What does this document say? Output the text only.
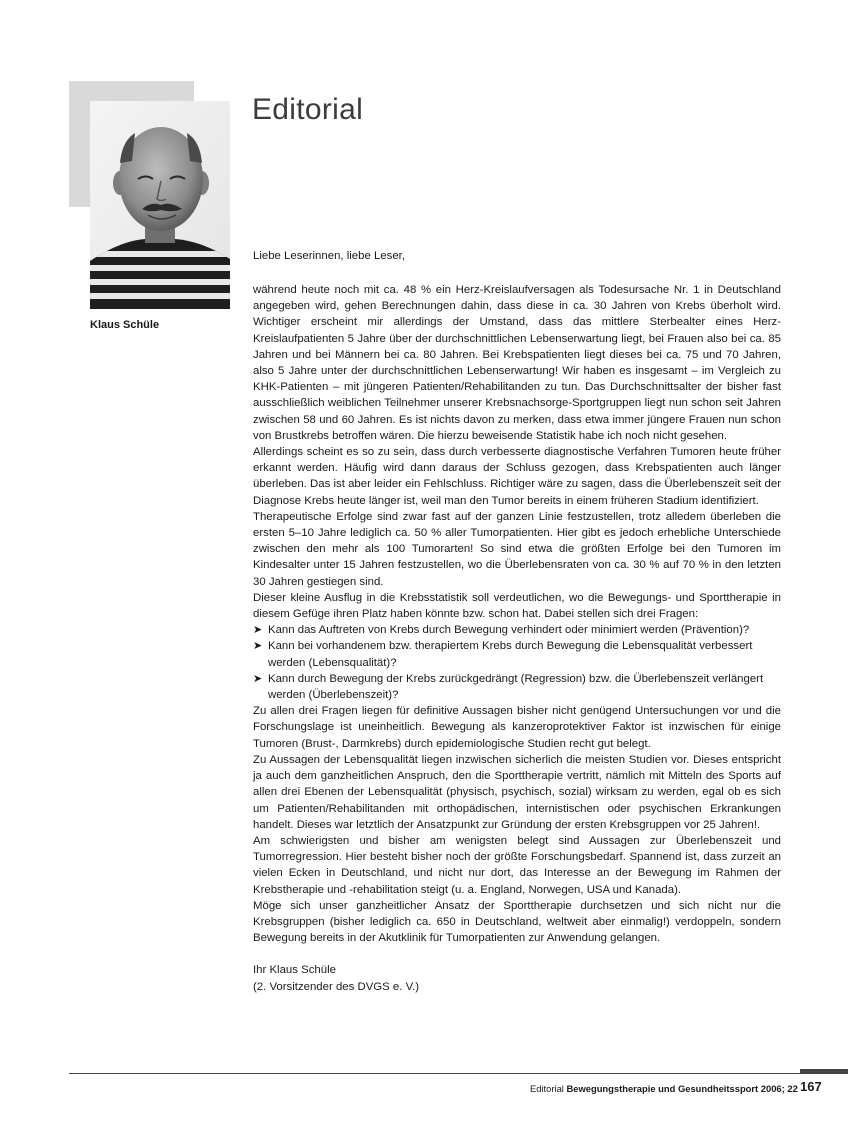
Klaus Schüle
Editorial

Liebe Leserinnen, liebe Leser,

während heute noch mit ca. 48 % ein Herz-Kreislaufversagen als Todesursache Nr. 1 in Deutschland angegeben wird, gehen Berechnungen dahin, dass diese in ca. 30 Jahren von Krebs überholt wird. Wichtiger erscheint mir allerdings der Umstand, dass das mittlere Sterbealter eines Herz-Kreislaufpatienten 5 Jahre über der durchschnittlichen Lebenserwartung liegt, bei Frauen also bei ca. 85 Jahren und bei Männern bei ca. 80 Jahren. Bei Krebspatienten liegt dieses bei ca. 75 und 70 Jahren, also 5 Jahre unter der durchschnittlichen Lebenserwartung! Wir haben es insgesamt – im Vergleich zu KHK-Patienten – mit jüngeren Patienten/Rehabilitanden zu tun. Das Durchschnittsalter der bisher fast ausschließlich weiblichen Teilnehmer unserer Krebsnachsorge-Sportgruppen liegt nun schon seit Jahren zwischen 58 und 60 Jahren. Es ist nichts davon zu merken, dass etwa immer jüngere Frauen nun schon von Brustkrebs betroffen wären. Die hierzu beweisende Statistik habe ich noch nicht gesehen.

Allerdings scheint es so zu sein, dass durch verbesserte diagnostische Verfahren Tumoren heute früher erkannt werden. Häufig wird dann daraus der Schluss gezogen, dass Krebspatienten auch länger überleben. Das ist aber leider ein Fehlschluss. Richtiger wäre zu sagen, dass die Überlebenszeit seit der Diagnose Krebs heute länger ist, weil man den Tumor bereits in einem früheren Stadium identifiziert.

Therapeutische Erfolge sind zwar fast auf der ganzen Linie festzustellen, trotz alledem überleben die ersten 5–10 Jahre lediglich ca. 50 % aller Tumorpatienten. Hier gibt es jedoch erhebliche Unterschiede zwischen den mehr als 100 Tumorarten! So sind etwa die größten Erfolge bei den Tumoren im Kindesalter unter 15 Jahren festzustellen, wo die Überlebensraten von ca. 30 % auf 70 % in den letzten 30 Jahren gestiegen sind.

Dieser kleine Ausflug in die Krebsstatistik soll verdeutlichen, wo die Bewegungs- und Sporttherapie in diesem Gefüge ihren Platz haben könnte bzw. schon hat. Dabei stellen sich drei Fragen:

➤ Kann das Auftreten von Krebs durch Bewegung verhindert oder minimiert werden (Prävention)?
➤ Kann bei vorhandenem bzw. therapiertem Krebs durch Bewegung die Lebensqualität verbessert werden (Lebensqualität)?
➤ Kann durch Bewegung der Krebs zurückgedrängt (Regression) bzw. die Überlebenszeit verlängert werden (Überlebenszeit)?

Zu allen drei Fragen liegen für definitive Aussagen bisher nicht genügend Untersuchungen vor und die Forschungslage ist uneinheitlich. Bewegung als kanzeroprotektiver Faktor ist inzwischen für einige Tumoren (Brust-, Darmkrebs) durch epidemiologische Studien recht gut belegt.

Zu Aussagen der Lebensqualität liegen inzwischen sicherlich die meisten Studien vor. Dieses entspricht ja auch dem ganzheitlichen Anspruch, den die Sporttherapie vertritt, nämlich mit Mitteln des Sports auf allen drei Ebenen der Lebensqualität (physisch, psychisch, sozial) wirksam zu werden, egal ob es sich um Patienten/Rehabilitanden mit orthopädischen, internistischen oder psychischen Erkrankungen handelt. Dieses war letztlich der Ansatzpunkt zur Gründung der ersten Krebsgruppen vor 25 Jahren!.

Am schwierigsten und bisher am wenigsten belegt sind Aussagen zur Überlebenszeit und Tumorregression. Hier besteht bisher noch der größte Forschungsbedarf. Spannend ist, dass zurzeit an vielen Ecken in Deutschland, und nicht nur dort, das Interesse an der Bewegung im Rahmen der Krebstherapie und -rehabilitation steigt (u. a. England, Norwegen, USA und Kanada).

Möge sich unser ganzheitlicher Ansatz der Sporttherapie durchsetzen und sich nicht nur die Krebsgruppen (bisher lediglich ca. 650 in Deutschland, weltweit aber einmalig!) verdoppeln, sondern Bewegung bereits in der Akutklinik für Tumorpatienten zur Anwendung gelangen.

Ihr Klaus Schüle

(2. Vorsitzender des DVGS e. V.)

Editorial Bewegungstherapie und Gesundheitssport 2006; 22 167
